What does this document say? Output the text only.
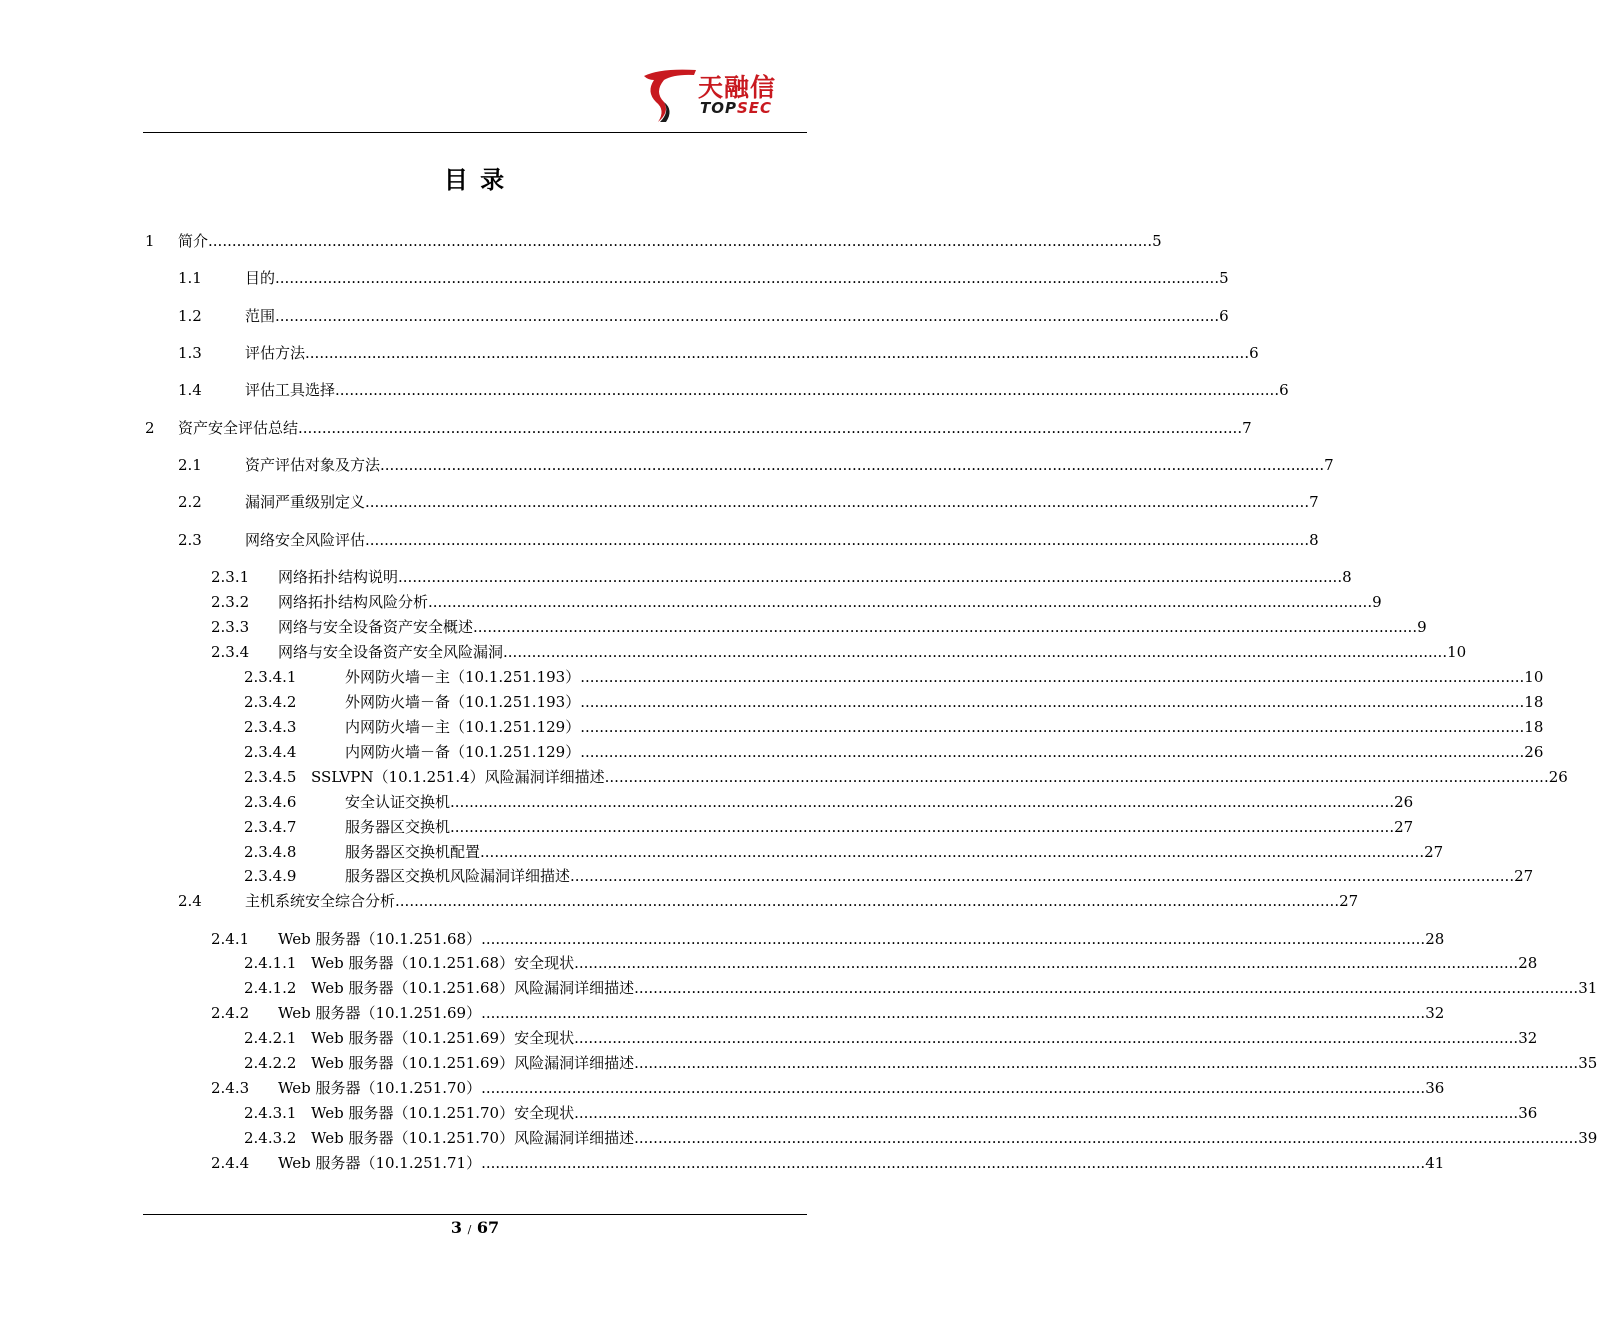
天融信
TOPSEC
目 录
1 简介 ...................................................................................................................................................................................................... 5
1.1	目的 ...................................................................................................................................................................................................... 5
1.2	范围 ...................................................................................................................................................................................................... 6
1.3	评估方法 ...................................................................................................................................................................................................... 6
1.4	评估工具选择 ...................................................................................................................................................................................................... 6
2 资产安全评估总结 ...................................................................................................................................................................................................... 7
2.1	资产评估对象及方法 ...................................................................................................................................................................................................... 7
2.2	漏洞严重级别定义 ...................................................................................................................................................................................................... 7
2.3	网络安全风险评估 ...................................................................................................................................................................................................... 8
2.3.1 网络拓扑结构说明 ...................................................................................................................................................................................................... 8
2.3.2 网络拓扑结构风险分析 ...................................................................................................................................................................................................... 9
2.3.3 网络与安全设备资产安全概述 ...................................................................................................................................................................................................... 9
2.3.4 网络与安全设备资产安全风险漏洞 ...................................................................................................................................................................................................... 10
2.3.4.1	外网防火墙－主（10.1.251.193） ...................................................................................................................................................................................................... 10
2.3.4.2	外网防火墙－备（10.1.251.193） ...................................................................................................................................................................................................... 18
2.3.4.3	内网防火墙－主（10.1.251.129） ...................................................................................................................................................................................................... 18
2.3.4.4	内网防火墙－备（10.1.251.129） ...................................................................................................................................................................................................... 26
2.3.4.5 SSLVPN（10.1.251.4）风险漏洞详细描述 ...................................................................................................................................................................................................... 26
2.3.4.6	安全认证交换机 ...................................................................................................................................................................................................... 26
2.3.4.7	服务器区交换机 ...................................................................................................................................................................................................... 27
2.3.4.8	服务器区交换机配置 ...................................................................................................................................................................................................... 27
2.3.4.9	服务器区交换机风险漏洞详细描述 ...................................................................................................................................................................................................... 27
2.4	主机系统安全综合分析 ...................................................................................................................................................................................................... 27
2.4.1 Web 服务器（10.1.251.68） ...................................................................................................................................................................................................... 28
2.4.1.1 Web 服务器（10.1.251.68）安全现状 ...................................................................................................................................................................................................... 28
2.4.1.2 Web 服务器（10.1.251.68）风险漏洞详细描述 ...................................................................................................................................................................................................... 31
2.4.2 Web 服务器（10.1.251.69） ...................................................................................................................................................................................................... 32
2.4.2.1 Web 服务器（10.1.251.69）安全现状 ...................................................................................................................................................................................................... 32
2.4.2.2 Web 服务器（10.1.251.69）风险漏洞详细描述 ...................................................................................................................................................................................................... 35
2.4.3 Web 服务器（10.1.251.70） ...................................................................................................................................................................................................... 36
2.4.3.1 Web 服务器（10.1.251.70）安全现状 ...................................................................................................................................................................................................... 36
2.4.3.2 Web 服务器（10.1.251.70）风险漏洞详细描述 ...................................................................................................................................................................................................... 39
2.4.4 Web 服务器（10.1.251.71） ...................................................................................................................................................................................................... 41
3 / 67
